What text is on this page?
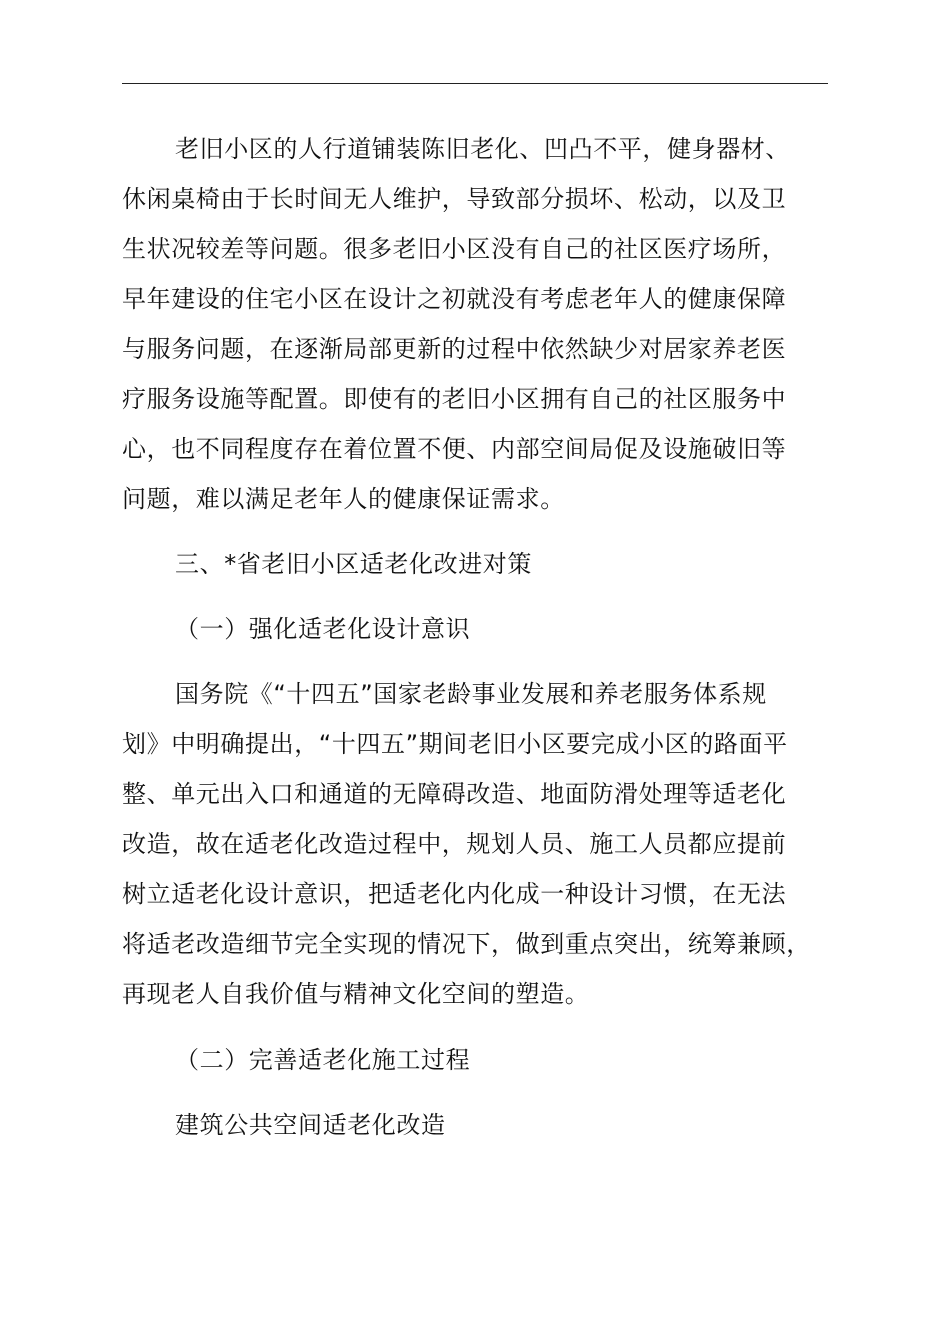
老旧小区的人行道铺装陈旧老化、凹凸不平，健身器材、
休闲桌椅由于长时间无人维护，导致部分损坏、松动，以及卫
生状况较差等问题。很多老旧小区没有自己的社区医疗场所，
早年建设的住宅小区在设计之初就没有考虑老年人的健康保障
与服务问题，在逐渐局部更新的过程中依然缺少对居家养老医
疗服务设施等配置。即使有的老旧小区拥有自己的社区服务中
心，也不同程度存在着位置不便、内部空间局促及设施破旧等
问题，难以满足老年人的健康保证需求。

三、*省老旧小区适老化改进对策

（一）强化适老化设计意识

国务院《“十四五”国家老龄事业发展和养老服务体系规
划》中明确提出，“十四五”期间老旧小区要完成小区的路面平
整、单元出入口和通道的无障碍改造、地面防滑处理等适老化
改造，故在适老化改造过程中，规划人员、施工人员都应提前
树立适老化设计意识，把适老化内化成一种设计习惯，在无法
将适老改造细节完全实现的情况下，做到重点突出，统筹兼顾，
再现老人自我价值与精神文化空间的塑造。

（二）完善适老化施工过程

建筑公共空间适老化改造
